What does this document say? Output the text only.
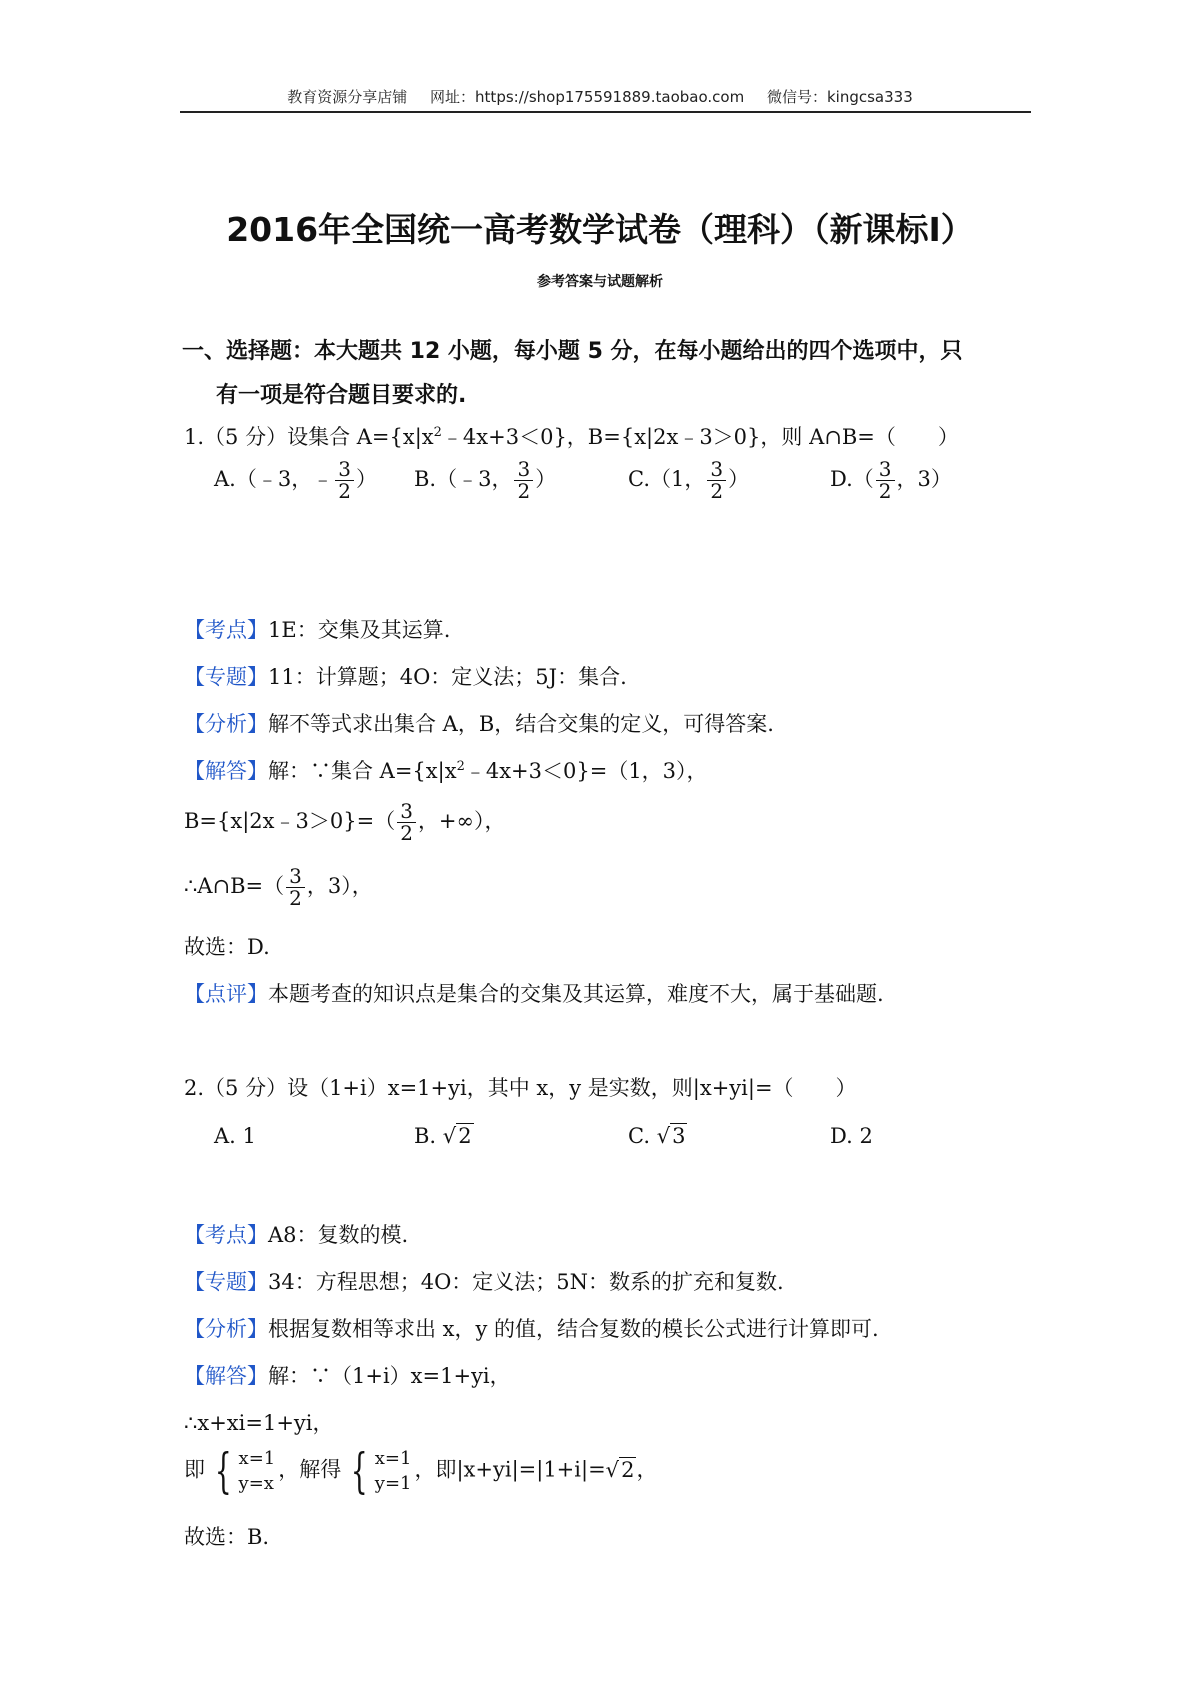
教育资源分享店铺 网址：https://shop175591889.taobao.com 微信号：kingcsa333
2016年全国统一高考数学试卷（理科）（新课标Ⅰ）
参考答案与试题解析
一、选择题：本大题共 12 小题，每小题 5 分，在每小题给出的四个选项中，只
有一项是符合题目要求的.
1.（5 分）设集合 $A=\{x|x^2﹣4x+3<0\}$，B={x|2x﹣3＞0}，则 A∩B=（　　）
A.（﹣3，﹣ $\frac{3}{2}$ ） B.（﹣3， $\frac{3}{2}$ ）	C.（1， $\frac{3}{2}$ ）	$D.( \frac{3}{2}$ ，3）
【考点】1E：交集及其运算.
【专题】11：计算题；4O：定义法；5J：集合.
【分析】解不等式求出集合 A，B，结合交集的定义，可得答案.
【解答】解：∵集合 $A=\{x|x^2﹣4x+3<0\}=(1$，3），
B={x|2x﹣3＞0}=（ $\frac{3}{2}$ ，+∞），
∴A∩B=（ $\frac{3}{2}$ ，3），
故选：D.
【点评】本题考查的知识点是集合的交集及其运算，难度不大，属于基础题.
2.（5 分）设（1+i）x=1+yi，其中 x，y 是实数，则|x+yi|=（　　）
A. 1	B. √2	C. √3	D. 2
【考点】A8：复数的模.
【专题】34：方程思想；4O：定义法；5N：数系的扩充和复数.
【分析】根据复数相等求出 x，y 的值，结合复数的模长公式进行计算即可.
【解答】解：∵（1+i）x=1+yi，
∴x+xi=1+yi，
即 { x=1
y=x
，解得 { x=1
y=1
，即|x+yi|=|1+i|=√2，
故选：B.
